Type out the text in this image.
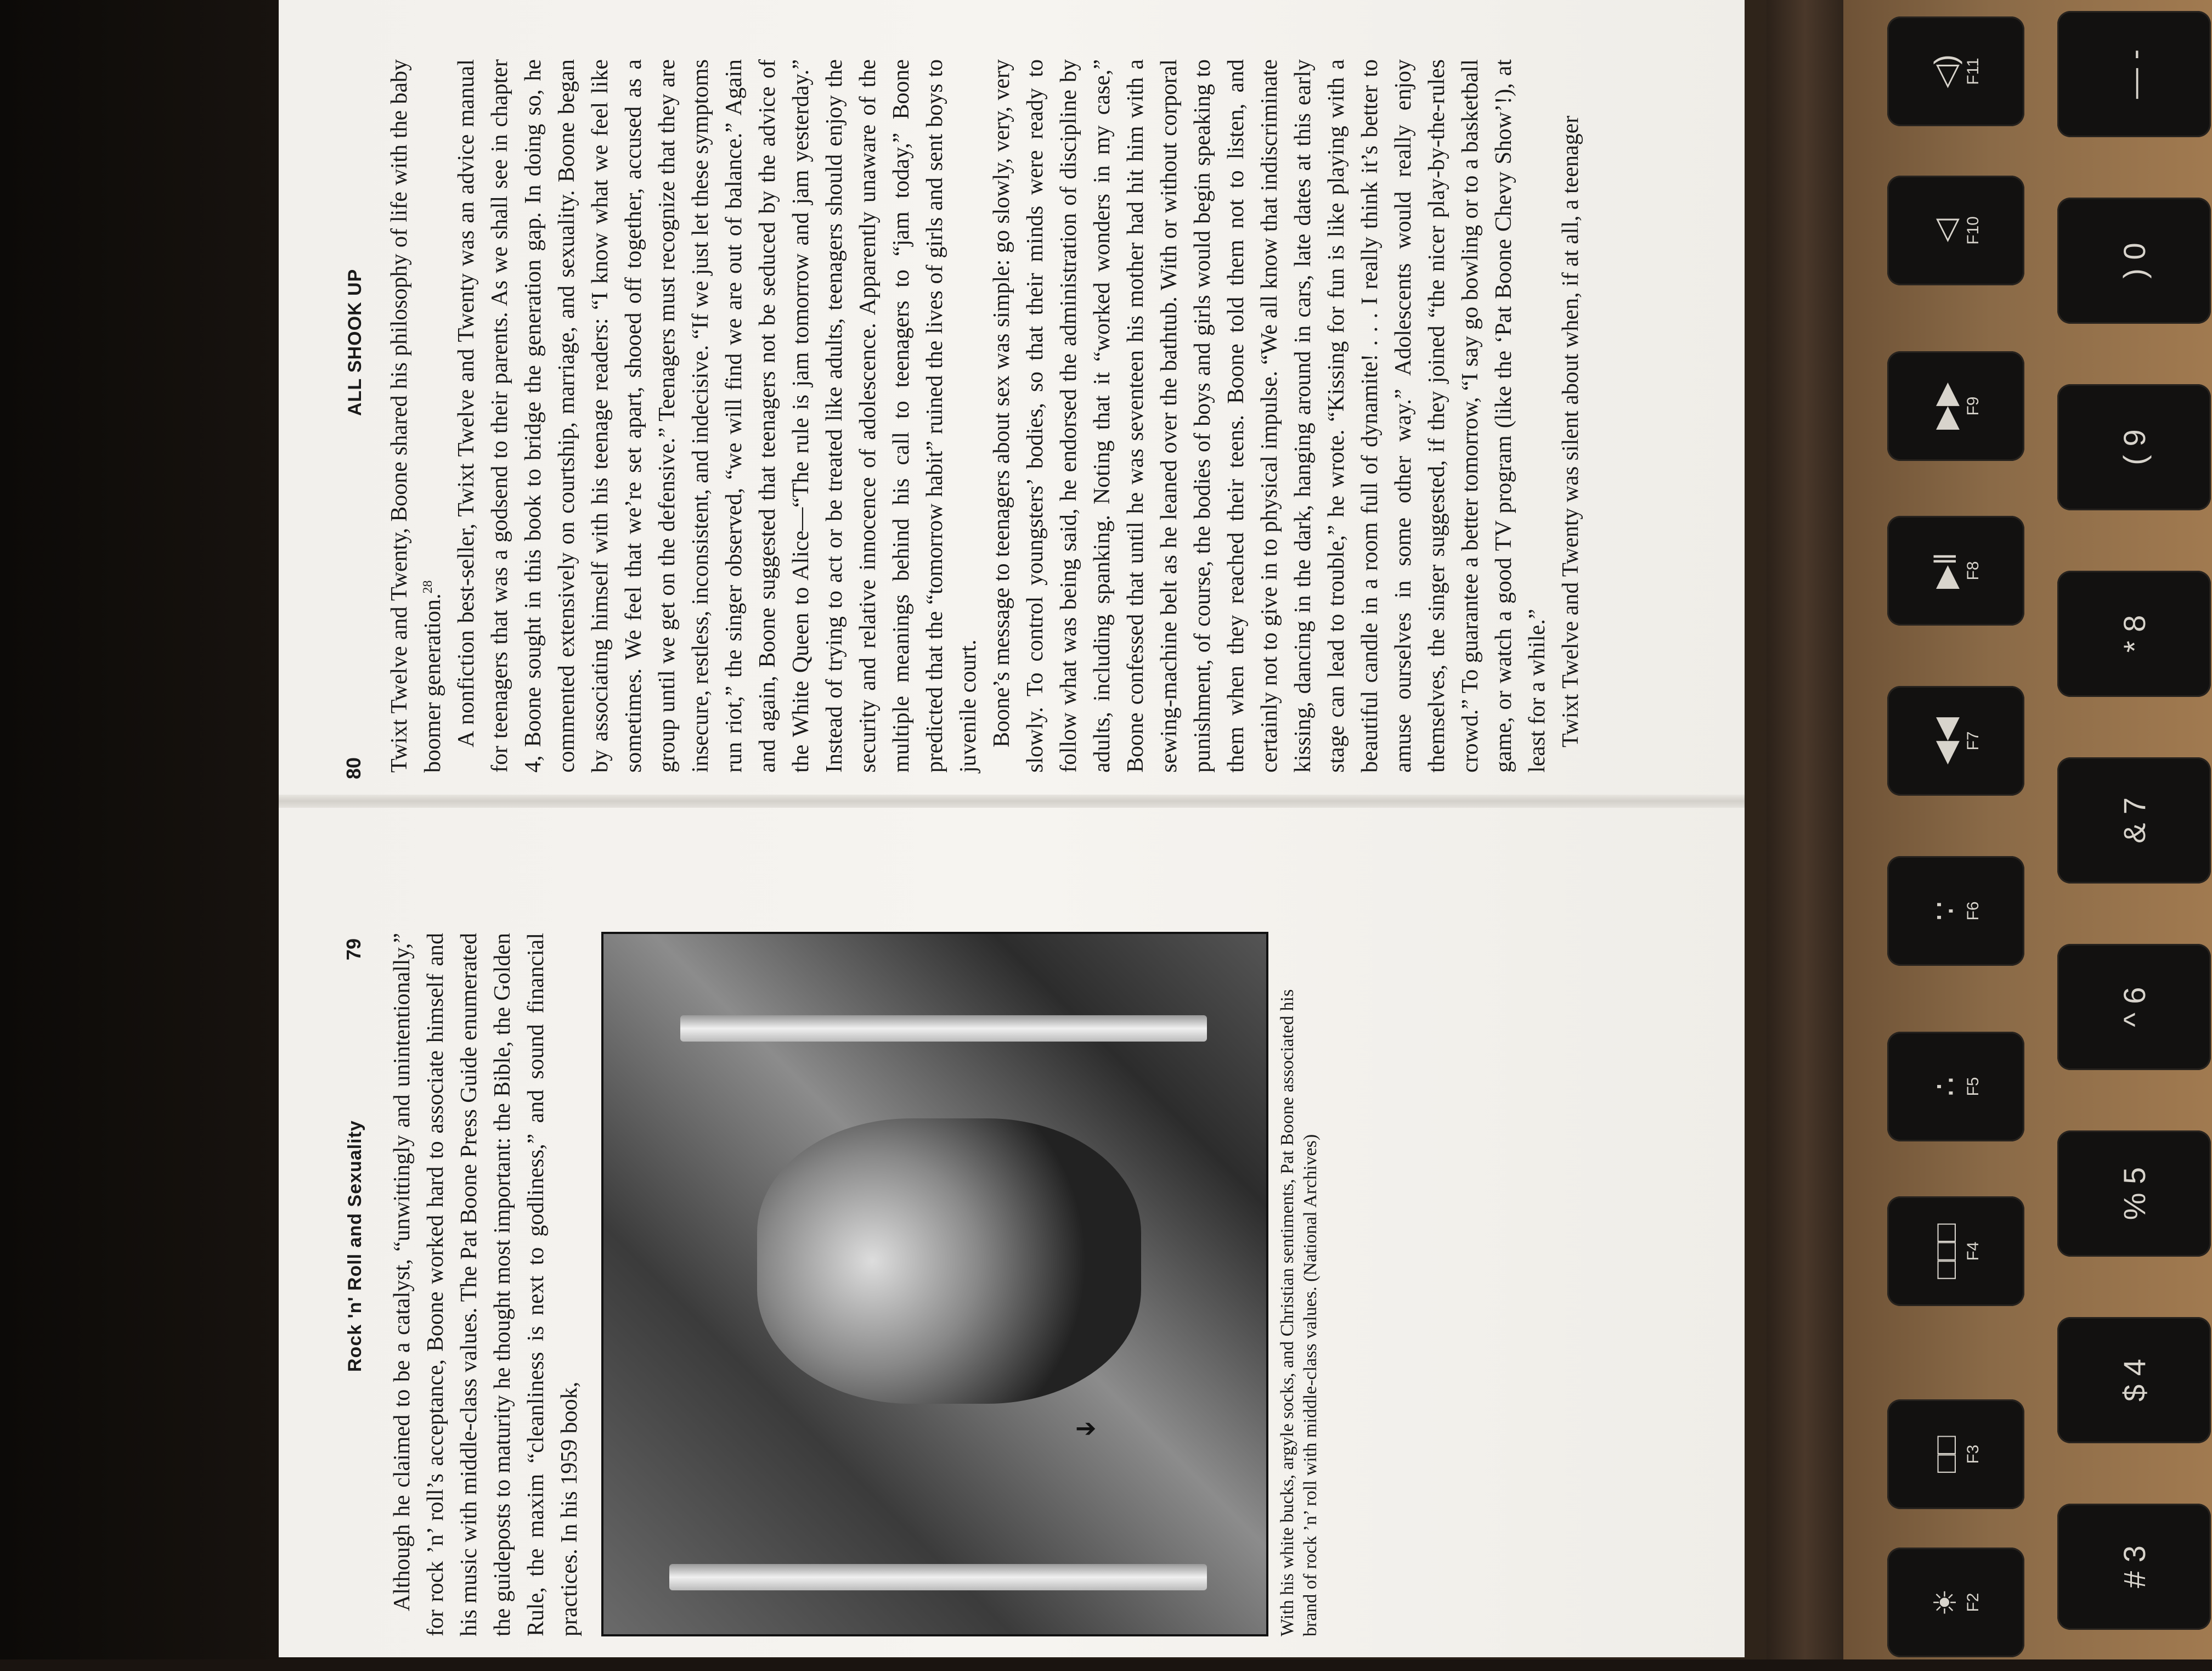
☀ F2
□□ F3
□□□ F4
∴ F5
∵ F6
◀◀ F7
▶‖ F8
▶▶ F9
◁ F10
◁) F11
# 3
$ 4
% 5
^ 6
& 7
* 8
( 9
) 0
— -
Rock 'n' Roll and Sexuality
79 Although he claimed to be a catalyst, “unwittingly and unintentionally,” for rock ’n’ roll’s acceptance, Boone worked hard to associate himself and his music with middle-class values. The Pat Boone Press Guide enumerated the guideposts to maturity he thought most important: the Bible, the Golden Rule, the maxim “cleanliness is next to godliness,” and sound financial practices. In his 1959 book,	With his white bucks, argyle socks, and Christian sentiments, Pat Boone associated his brand of rock ’n’ roll with middle-class values. (National Archives)
80
ALL SHOOK UP Twixt Twelve and Twenty, Boone shared his philosophy of life with the baby boomer generation.$^{28}$ A nonfiction best-seller, Twixt Twelve and Twenty was an advice manual for teenagers that was a godsend to their parents. As we shall see in chapter 4, Boone sought in this book to bridge the generation gap. In doing so, he commented extensively on courtship, marriage, and sexuality. Boone began by associating himself with his teenage readers: “I know what we feel like sometimes. We feel that we’re set apart, shooed off together, accused as a group until we get on the defensive.” Teenagers must recognize that they are insecure, restless, inconsistent, and indecisive. “If we just let these symptoms run riot,” the singer observed, “we will find we are out of balance.” Again and again, Boone suggested that teenagers not be seduced by the advice of the White Queen to Alice—“The rule is jam tomorrow and jam yesterday.” Instead of trying to act or be treated like adults, teenagers should enjoy the security and relative innocence of adolescence. Apparently unaware of the multiple meanings behind his call to teenagers to “jam today,” Boone predicted that the “tomorrow habit” ruined the lives of girls and sent boys to juvenile court. Boone’s message to teenagers about sex was simple: go slowly, very, very slowly. To control youngsters’ bodies, so that their minds were ready to follow what was being said, he endorsed the administration of discipline by adults, including spanking. Noting that it “worked wonders in my case,” Boone confessed that until he was seventeen his mother had hit him with a sewing-machine belt as he leaned over the bathtub. With or without corporal punishment, of course, the bodies of boys and girls would begin speaking to them when they reached their teens. Boone told them not to listen, and certainly not to give in to physical impulse. “We all know that indiscriminate kissing, dancing in the dark, hanging around in cars, late dates at this early stage can lead to trouble,” he wrote. “Kissing for fun is like playing with a beautiful candle in a room full of dynamite! . . . I really think it’s better to amuse ourselves in some other way.” Adolescents would really enjoy themselves, the singer suggested, if they joined “the nicer play-by-the-rules crowd.” To guarantee a better tomorrow, “I say go bowling or to a basketball game, or watch a good TV program (like the ‘Pat Boone Chevy Show’!), at least for a while.” Twixt Twelve and Twenty was silent about when, if at all, a teenager

➔
